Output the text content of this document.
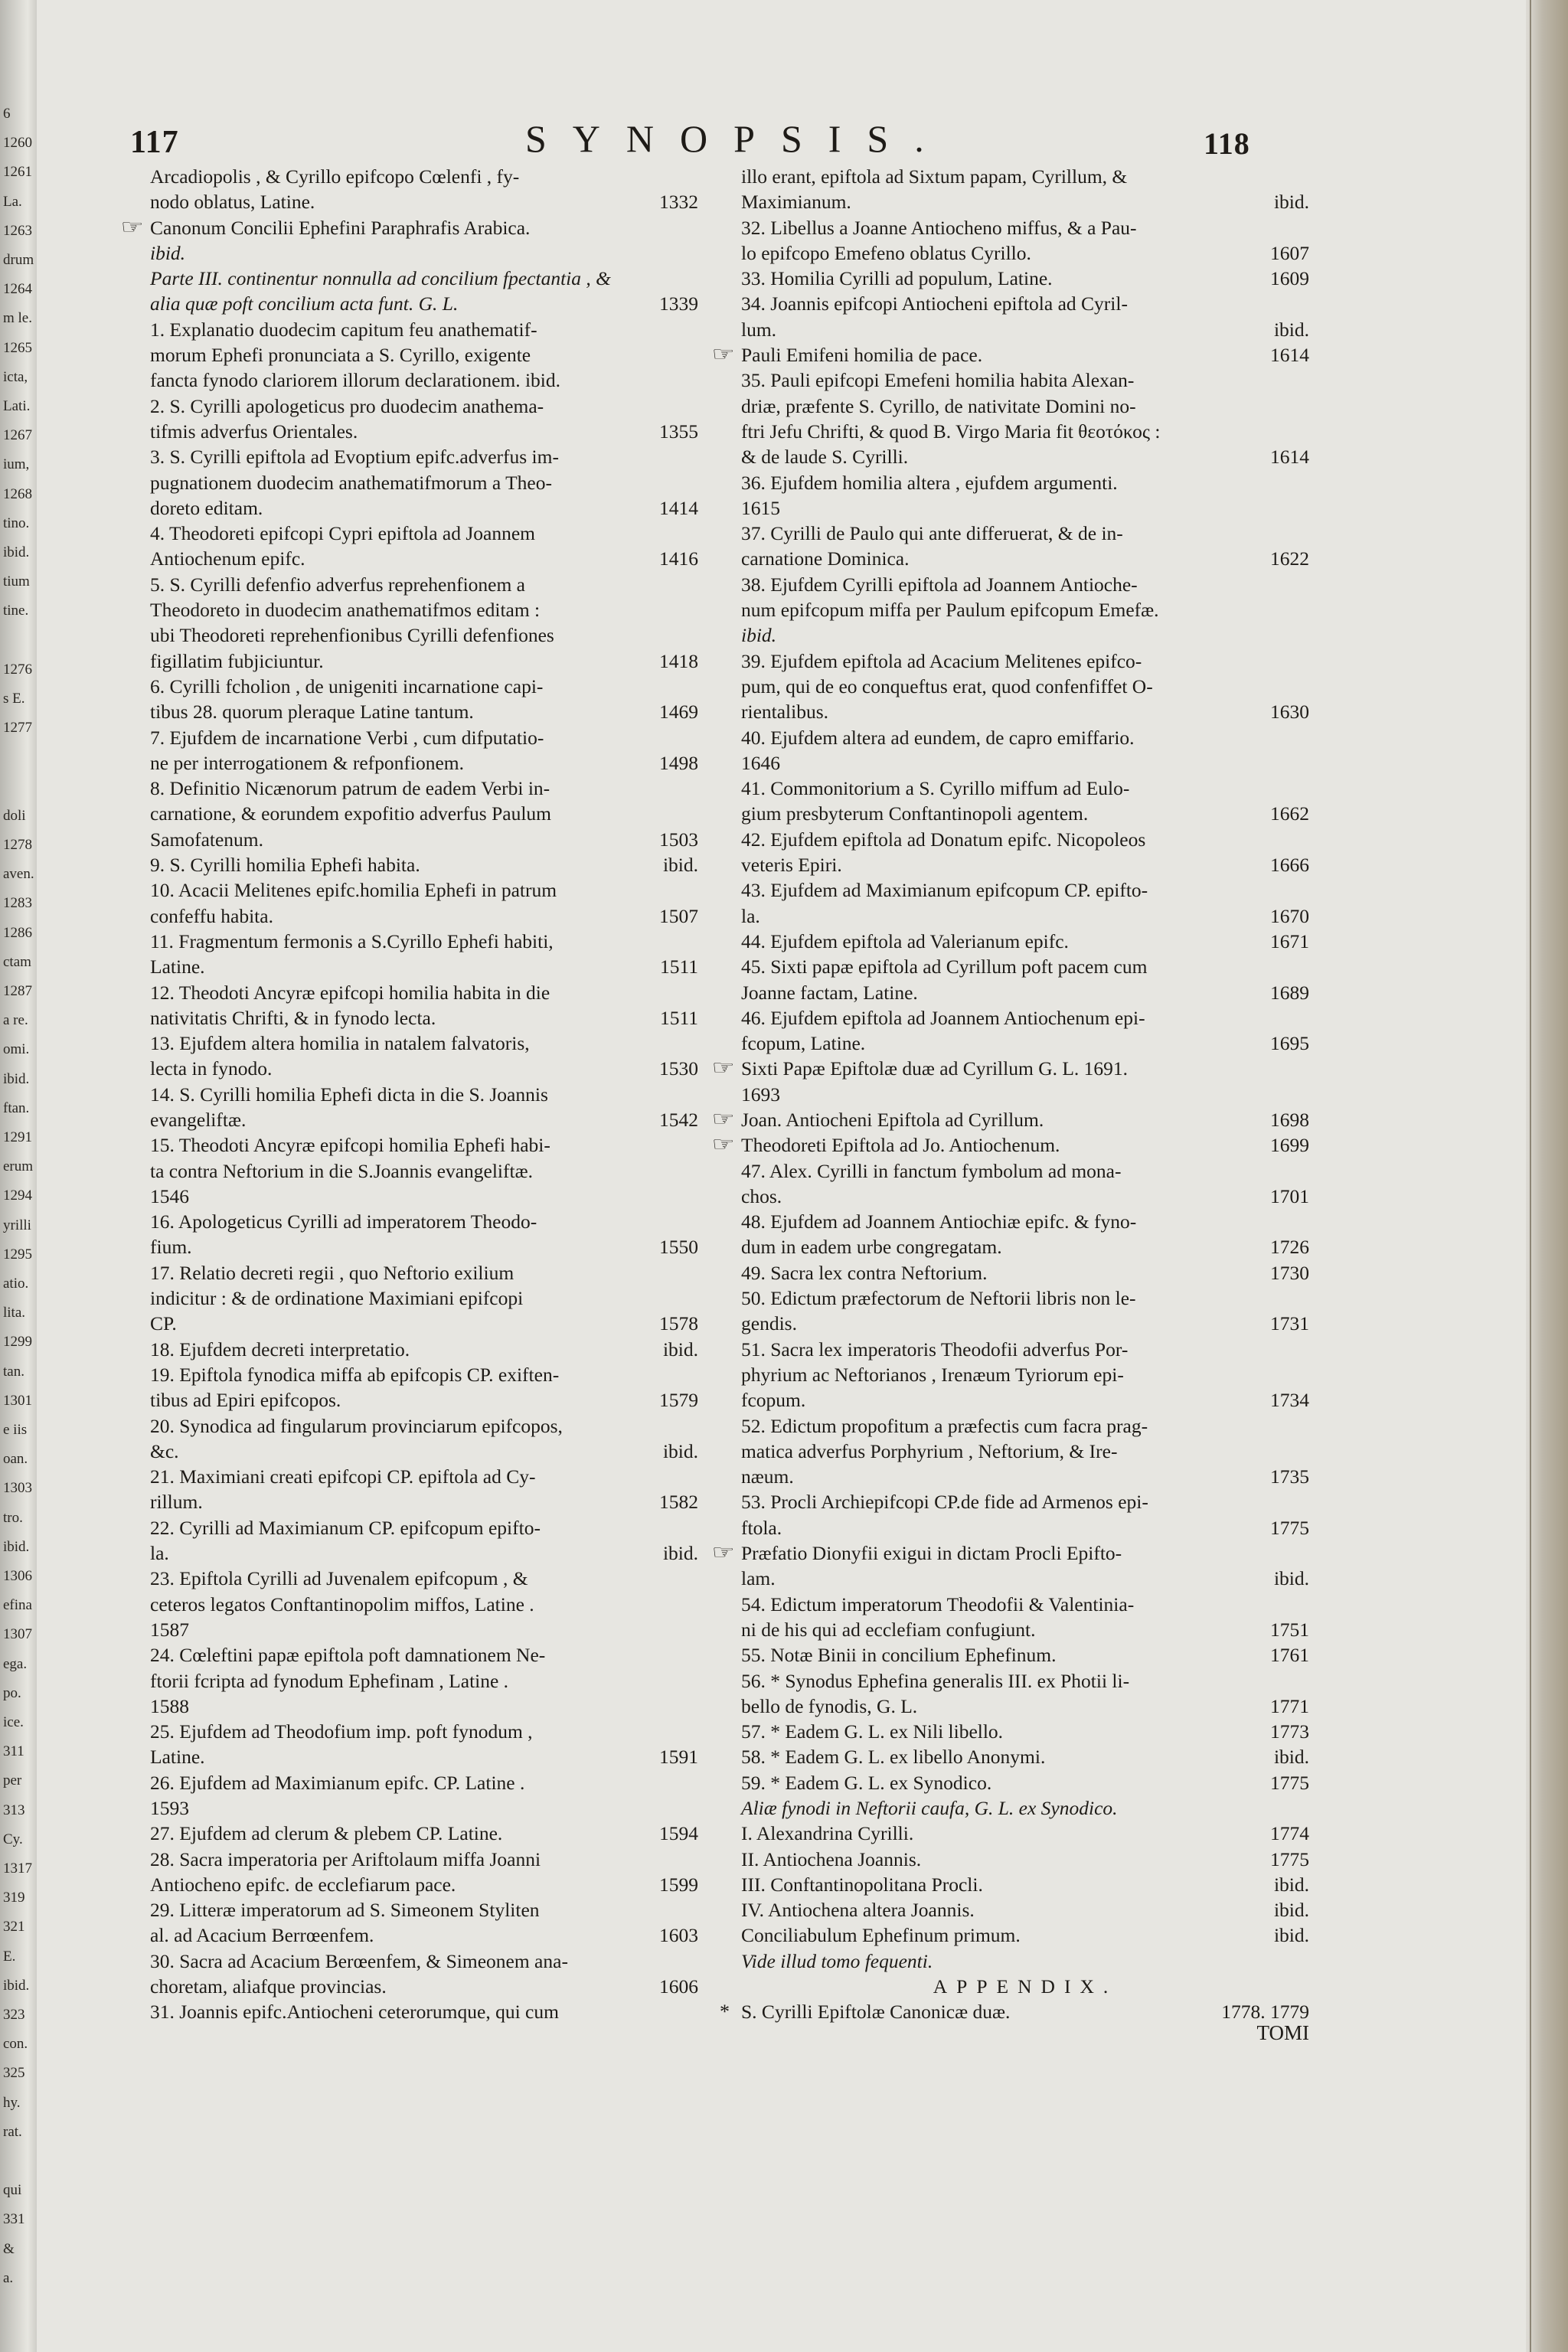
6
1260
1261
La.
1263
drum
1264
m le.
1265
icta,
Lati.
1267
ium,
1268
tino.
ibid.
tium
tine.
1276
s E.
1277
doli
1278
aven.
1283
1286
ctam
1287
a re.
omi.
ibid.
ftan.
1291
erum
1294
yrilli
1295
atio.
lita.
1299
tan.
1301
e iis
oan.
1303
tro.
ibid.
1306
efina
1307
ega.
po.
ice.
311
per
313
Cy.
1317
319
321
E.
ibid.
323
con.
325
hy.
rat.
qui
331
&
a.
117	SYNOPSIS.	118
Arcadiopolis , & Cyrillo epifcopo Cœlenfi , fy-
nodo oblatus, Latine.	1332
☞ Canonum Concilii Ephefini Paraphrafis Arabica.
ibid.
Parte III. continentur nonnulla ad concilium fpectantia , &
alia quæ poft concilium acta funt. G. L.	1339
1. Explanatio duodecim capitum feu anathematif-
morum Ephefi pronunciata a S. Cyrillo, exigente
fancta fynodo clariorem illorum declarationem. ibid.
2. S. Cyrilli apologeticus pro duodecim anathema-
tifmis adverfus Orientales.	1355
3. S. Cyrilli epiftola ad Evoptium epifc.adverfus im-
pugnationem duodecim anathematifmorum a Theo-
doreto editam.	1414
4. Theodoreti epifcopi Cypri epiftola ad Joannem
Antiochenum epifc.	1416
5. S. Cyrilli defenfio adverfus reprehenfionem a
Theodoreto in duodecim anathematifmos editam :
ubi Theodoreti reprehenfionibus Cyrilli defenfiones
figillatim fubjiciuntur.	1418
6. Cyrilli fcholion , de unigeniti incarnatione capi-
tibus 28. quorum pleraque Latine tantum.	1469
7. Ejufdem de incarnatione Verbi , cum difputatio-
ne per interrogationem & refponfionem.	1498
8. Definitio Nicænorum patrum de eadem Verbi in-
carnatione, & eorundem expofitio adverfus Paulum
Samofatenum.	1503
9. S. Cyrilli homilia Ephefi habita.	ibid.
10. Acacii Melitenes epifc.homilia Ephefi in patrum
confeffu habita.	1507
11. Fragmentum fermonis a S.Cyrillo Ephefi habiti,
Latine.	1511
12. Theodoti Ancyræ epifcopi homilia habita in die
nativitatis Chrifti, & in fynodo lecta.	1511
13. Ejufdem altera homilia in natalem falvatoris,
lecta in fynodo.	1530
14. S. Cyrilli homilia Ephefi dicta in die S. Joannis
evangeliftæ.	1542
15. Theodoti Ancyræ epifcopi homilia Ephefi habi-
ta contra Neftorium in die S.Joannis evangeliftæ.
1546
16. Apologeticus Cyrilli ad imperatorem Theodo-
fium.	1550
17. Relatio decreti regii , quo Neftorio exilium
indicitur : & de ordinatione Maximiani epifcopi
CP.	1578
18. Ejufdem decreti interpretatio.	ibid.
19. Epiftola fynodica miffa ab epifcopis CP. exiften-
tibus ad Epiri epifcopos.	1579
20. Synodica ad fingularum provinciarum epifcopos,
&c.	ibid.
21. Maximiani creati epifcopi CP. epiftola ad Cy-
rillum.	1582
22. Cyrilli ad Maximianum CP. epifcopum epifto-
la.	ibid.
23. Epiftola Cyrilli ad Juvenalem epifcopum , &
ceteros legatos Conftantinopolim miffos, Latine .
1587
24. Cœleftini papæ epiftola poft damnationem Ne-
ftorii fcripta ad fynodum Ephefinam , Latine .
1588
25. Ejufdem ad Theodofium imp. poft fynodum ,
Latine.	1591
26. Ejufdem ad Maximianum epifc. CP. Latine .
1593
27. Ejufdem ad clerum & plebem CP. Latine.	1594
28. Sacra imperatoria per Ariftolaum miffa Joanni
Antiocheno epifc. de ecclefiarum pace.	1599
29. Litteræ imperatorum ad S. Simeonem Styliten
al. ad Acacium Berrœenfem.	1603
30. Sacra ad Acacium Berœenfem, & Simeonem ana-
choretam, aliafque provincias.	1606
31. Joannis epifc.Antiocheni ceterorumque, qui cum
illo erant, epiftola ad Sixtum papam, Cyrillum, &
Maximianum.	ibid.
32. Libellus a Joanne Antiocheno miffus, & a Pau-
lo epifcopo Emefeno oblatus Cyrillo.	1607
33. Homilia Cyrilli ad populum, Latine.	1609
34. Joannis epifcopi Antiocheni epiftola ad Cyril-
lum.	ibid.
☞ Pauli Emifeni homilia de pace.	1614
35. Pauli epifcopi Emefeni homilia habita Alexan-
driæ, præfente S. Cyrillo, de nativitate Domini no-
ftri Jefu Chrifti, & quod B. Virgo Maria fit θεοτόκος :
& de laude S. Cyrilli.	1614
36. Ejufdem homilia altera , ejufdem argumenti.
1615
37. Cyrilli de Paulo qui ante differuerat, & de in-
carnatione Dominica.	1622
38. Ejufdem Cyrilli epiftola ad Joannem Antioche-
num epifcopum miffa per Paulum epifcopum Emefæ.
ibid.
39. Ejufdem epiftola ad Acacium Melitenes epifco-
pum, qui de eo conqueftus erat, quod confenfiffet O-
rientalibus.	1630
40. Ejufdem altera ad eundem, de capro emiffario.
1646
41. Commonitorium a S. Cyrillo miffum ad Eulo-
gium presbyterum Conftantinopoli agentem.	1662
42. Ejufdem epiftola ad Donatum epifc. Nicopoleos
veteris Epiri.	1666
43. Ejufdem ad Maximianum epifcopum CP. epifto-
la.	1670
44. Ejufdem epiftola ad Valerianum epifc.	1671
45. Sixti papæ epiftola ad Cyrillum poft pacem cum
Joanne factam, Latine.	1689
46. Ejufdem epiftola ad Joannem Antiochenum epi-
fcopum, Latine.	1695
☞ Sixti Papæ Epiftolæ duæ ad Cyrillum G. L. 1691.
1693
☞ Joan. Antiocheni Epiftola ad Cyrillum.	1698
☞ Theodoreti Epiftola ad Jo. Antiochenum.	1699
47. Alex. Cyrilli in fanctum fymbolum ad mona-
chos.	1701
48. Ejufdem ad Joannem Antiochiæ epifc. & fyno-
dum in eadem urbe congregatam.	1726
49. Sacra lex contra Neftorium.	1730
50. Edictum præfectorum de Neftorii libris non le-
gendis.	1731
51. Sacra lex imperatoris Theodofii adverfus Por-
phyrium ac Neftorianos , Irenæum Tyriorum epi-
fcopum.	1734
52. Edictum propofitum a præfectis cum facra prag-
matica adverfus Porphyrium , Neftorium, & Ire-
næum.	1735
53. Procli Archiepifcopi CP.de fide ad Armenos epi-
ftola.	1775
☞ Præfatio Dionyfii exigui in dictam Procli Epifto-
lam.	ibid.
54. Edictum imperatorum Theodofii & Valentinia-
ni de his qui ad ecclefiam confugiunt.	1751
55. Notæ Binii in concilium Ephefinum.	1761
56. * Synodus Ephefina generalis III. ex Photii li-
bello de fynodis, G. L.	1771
57. * Eadem G. L. ex Nili libello.	1773
58. * Eadem G. L. ex libello Anonymi.	ibid.
59. * Eadem G. L. ex Synodico.	1775
Aliæ fynodi in Neftorii caufa, G. L. ex Synodico.
I. Alexandrina Cyrilli.	1774
II. Antiochena Joannis.	1775
III. Conftantinopolitana Procli.	ibid.
IV. Antiochena altera Joannis.	ibid.
Conciliabulum Ephefinum primum.	ibid.
Vide illud tomo fequenti.
APPENDIX.
* S. Cyrilli Epiftolæ Canonicæ duæ.	1778. 1779
TOMI
